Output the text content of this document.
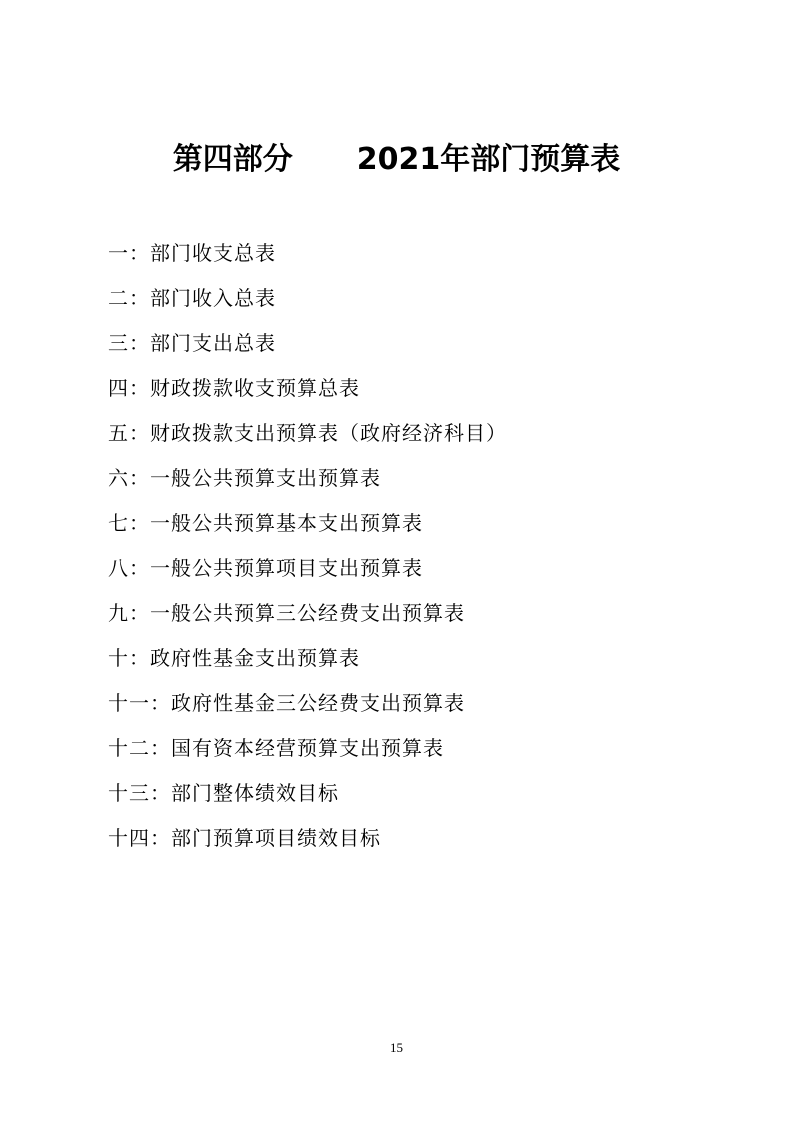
第四部分 2021年部门预算表
一：部门收支总表
二：部门收入总表
三：部门支出总表
四：财政拨款收支预算总表
五：财政拨款支出预算表（政府经济科目）
六：一般公共预算支出预算表
七：一般公共预算基本支出预算表
八：一般公共预算项目支出预算表
九：一般公共预算三公经费支出预算表
十：政府性基金支出预算表
十一：政府性基金三公经费支出预算表
十二：国有资本经营预算支出预算表
十三：部门整体绩效目标
十四：部门预算项目绩效目标
15
